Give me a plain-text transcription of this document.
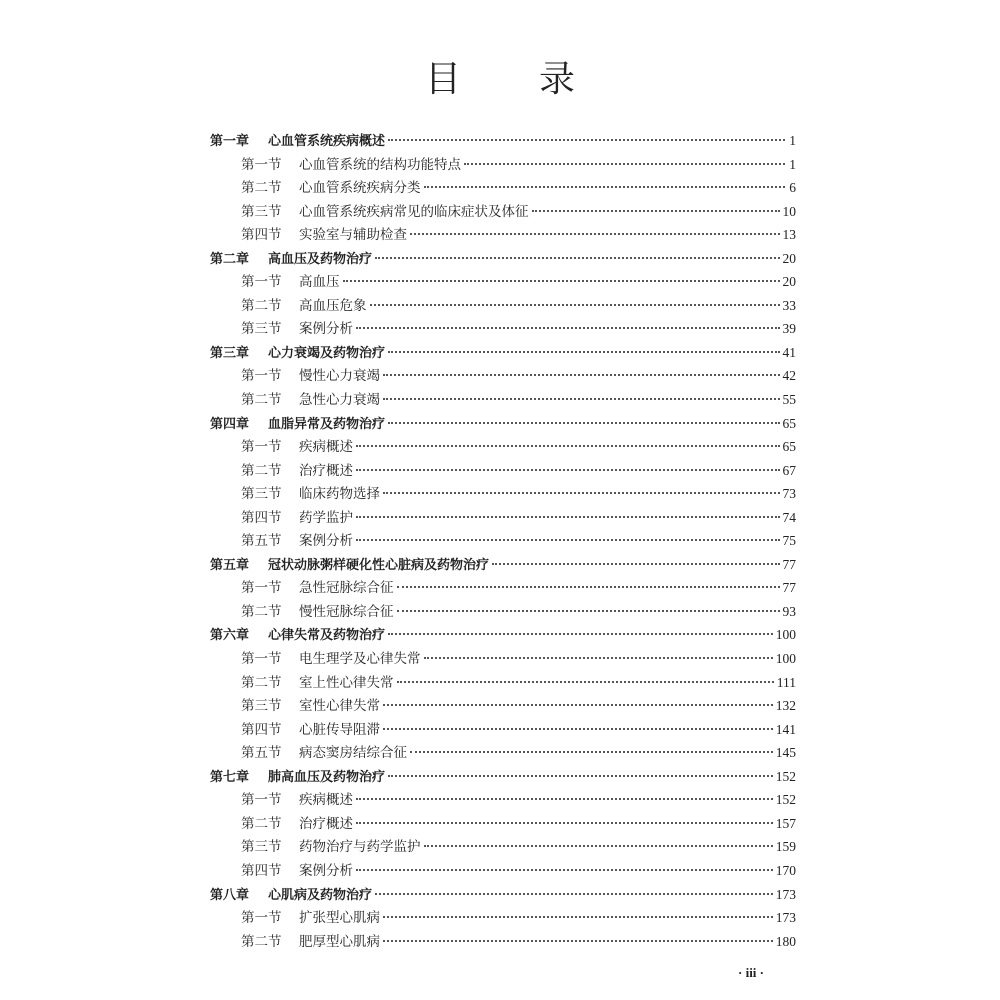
目录
第一章	心血管系统疾病概述	1
第一节	心血管系统的结构功能特点	1
第二节	心血管系统疾病分类	6
第三节	心血管系统疾病常见的临床症状及体征	10
第四节	实验室与辅助检查	13
第二章	高血压及药物治疗	20
第一节	高血压	20
第二节	高血压危象	33
第三节	案例分析	39
第三章	心力衰竭及药物治疗	41
第一节	慢性心力衰竭	42
第二节	急性心力衰竭	55
第四章	血脂异常及药物治疗	65
第一节	疾病概述	65
第二节	治疗概述	67
第三节	临床药物选择	73
第四节	药学监护	74
第五节	案例分析	75
第五章	冠状动脉粥样硬化性心脏病及药物治疗	77
第一节	急性冠脉综合征	77
第二节	慢性冠脉综合征	93
第六章	心律失常及药物治疗	100
第一节	电生理学及心律失常	100
第二节	室上性心律失常	111
第三节	室性心律失常	132
第四节	心脏传导阻滞	141
第五节	病态窦房结综合征	145
第七章	肺高血压及药物治疗	152
第一节	疾病概述	152
第二节	治疗概述	157
第三节	药物治疗与药学监护	159
第四节	案例分析	170
第八章	心肌病及药物治疗	173
第一节	扩张型心肌病	173
第二节	肥厚型心肌病	180
· iii ·
